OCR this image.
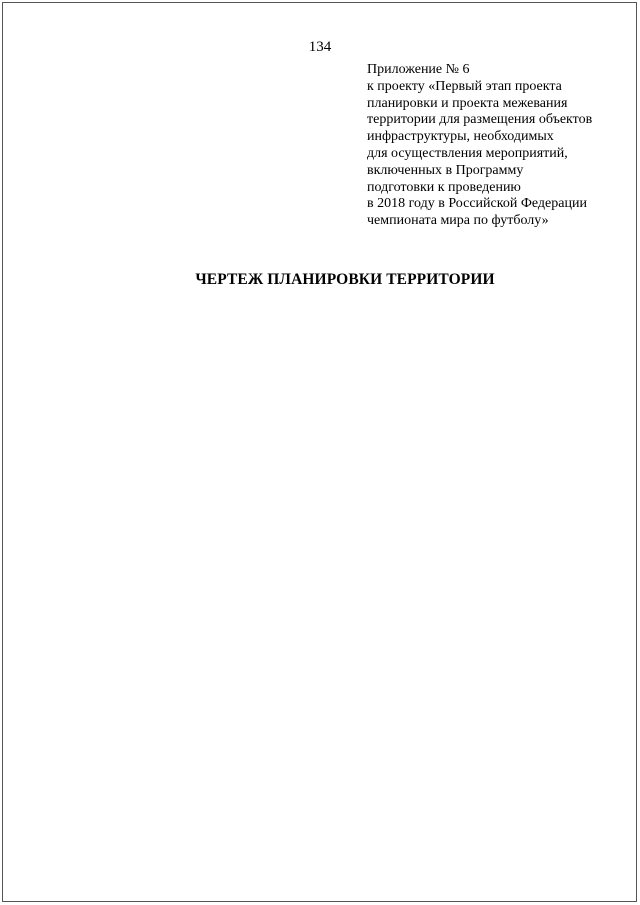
134
Приложение № 6
к проекту «Первый этап проекта
планировки и проекта межевания
территории для размещения объектов
инфраструктуры, необходимых
для осуществления мероприятий,
включенных в Программу
подготовки к проведению
в 2018 году в Российской Федерации
чемпионата мира по футболу»
ЧЕРТЕЖ ПЛАНИРОВКИ ТЕРРИТОРИИ
